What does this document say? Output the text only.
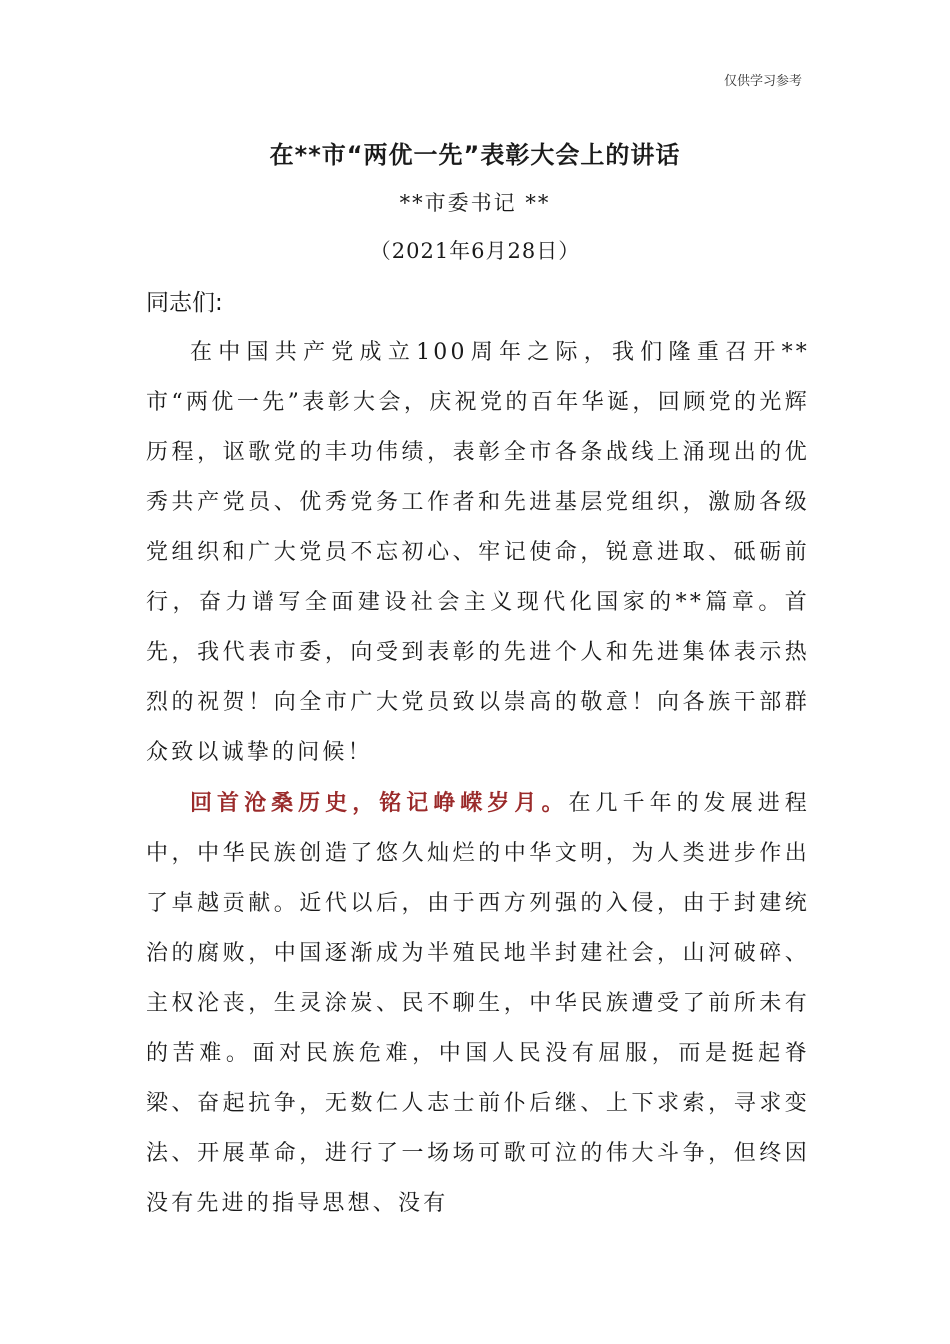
仅供学习参考
在**市“两优一先”表彰大会上的讲话
**市委书记 **
（2021年6月28日）
同志们:

在中国共产党成立100周年之际，我们隆重召开**市“两优一先”表彰大会，庆祝党的百年华诞，回顾党的光辉历程，讴歌党的丰功伟绩，表彰全市各条战线上涌现出的优秀共产党员、优秀党务工作者和先进基层党组织，激励各级党组织和广大党员不忘初心、牢记使命，锐意进取、砥砺前行，奋力谱写全面建设社会主义现代化国家的**篇章。首先，我代表市委，向受到表彰的先进个人和先进集体表示热烈的祝贺！向全市广大党员致以崇高的敬意！向各族干部群众致以诚挚的问候！

回首沧桑历史，铭记峥嵘岁月。在几千年的发展进程中，中华民族创造了悠久灿烂的中华文明，为人类进步作出了卓越贡献。近代以后，由于西方列强的入侵，由于封建统治的腐败，中国逐渐成为半殖民地半封建社会，山河破碎、主权沦丧，生灵涂炭、民不聊生，中华民族遭受了前所未有的苦难。面对民族危难，中国人民没有屈服，而是挺起脊梁、奋起抗争，无数仁人志士前仆后继、上下求索，寻求变法、开展革命，进行了一场场可歌可泣的伟大斗争，但终因没有先进的指导思想、没有
